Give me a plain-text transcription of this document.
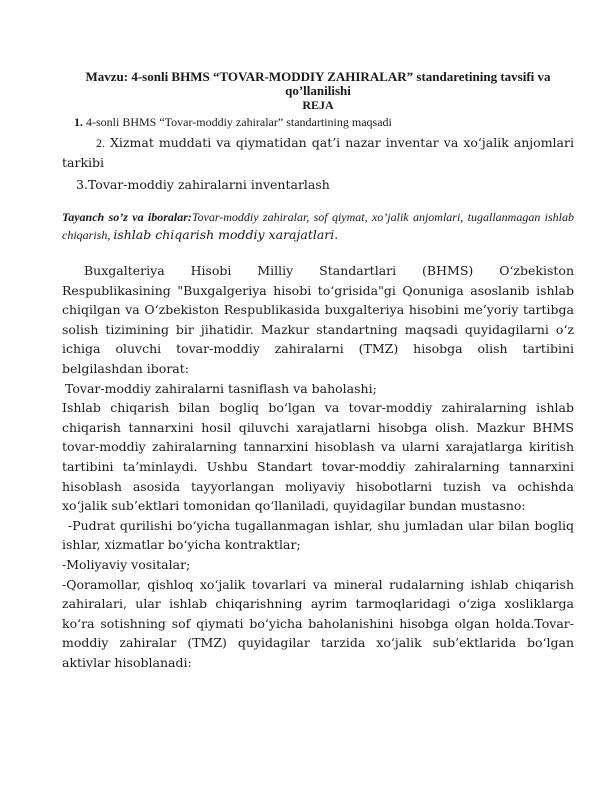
Mavzu: 4-sonli BHMS “TOVAR-MODDIY ZAHIRALAR” standaretining tavsifi va qo’llanilishi

REJA

1. 4-sonli BHMS “Tovar-moddiy zahiralar” standartining maqsadi

2. Xizmat muddati va qiymatidan qat’i nazar inventar va xo‘jalik anjomlari tarkibi

3.Tovar-moddiy zahiralarni inventarlash

Tayanch so’z va iboralar:Tovar-moddiy zahiralar, sof qiymat, xo’jalik anjomlari, tugallanmagan ishlab chiqarish, ishlab chiqarish moddiy xarajatlari.

Buxgalteriya Hisobi Milliy Standartlari (BHMS) O‘zbekiston Respublikasining "Buxgalgeriya hisobi to‘grisida"gi Qonuniga asoslanib ishlab chiqilgan va O‘zbekiston Respublikasida buxgalteriya hisobini me’yoriy tartibga solish tizimining bir jihatidir. Mazkur standartning maqsadi quyidagilarni o‘z ichiga oluvchi tovar-moddiy zahiralarni (TMZ) hisobga olish tartibini belgilashdan iborat:

Tovar-moddiy zahiralarni tasniflash va baholashi;

Ishlab chiqarish bilan bogliq bo‘lgan va tovar-moddiy zahiralarning ishlab chiqarish tannarxini hosil qiluvchi xarajatlarni hisobga olish. Mazkur BHMS tovar-moddiy zahiralarning tannarxini hisoblash va ularni xarajatlarga kiritish tartibini ta’minlaydi. Ushbu Standart tovar-moddiy zahiralarning tannarxini hisoblash asosida tayyorlangan moliyaviy hisobotlarni tuzish va ochishda xo‘jalik sub’ektlari tomonidan qo‘llaniladi, quyidagilar bundan mustasno:

-Pudrat qurilishi bo‘yicha tugallanmagan ishlar, shu jumladan ular bilan bogliq ishlar, xizmatlar bo‘yicha kontraktlar;

-Moliyaviy vositalar;

-Qoramollar, qishloq xo‘jalik tovarlari va mineral rudalarning ishlab chiqarish zahiralari, ular ishlab chiqarishning ayrim tarmoqlaridagi o‘ziga xosliklarga ko‘ra sotishning sof qiymati bo‘yicha baholanishini hisobga olgan holda.Tovar-moddiy zahiralar (TMZ) quyidagilar tarzida xo‘jalik sub’ektlarida bo‘lgan aktivlar hisoblanadi:
